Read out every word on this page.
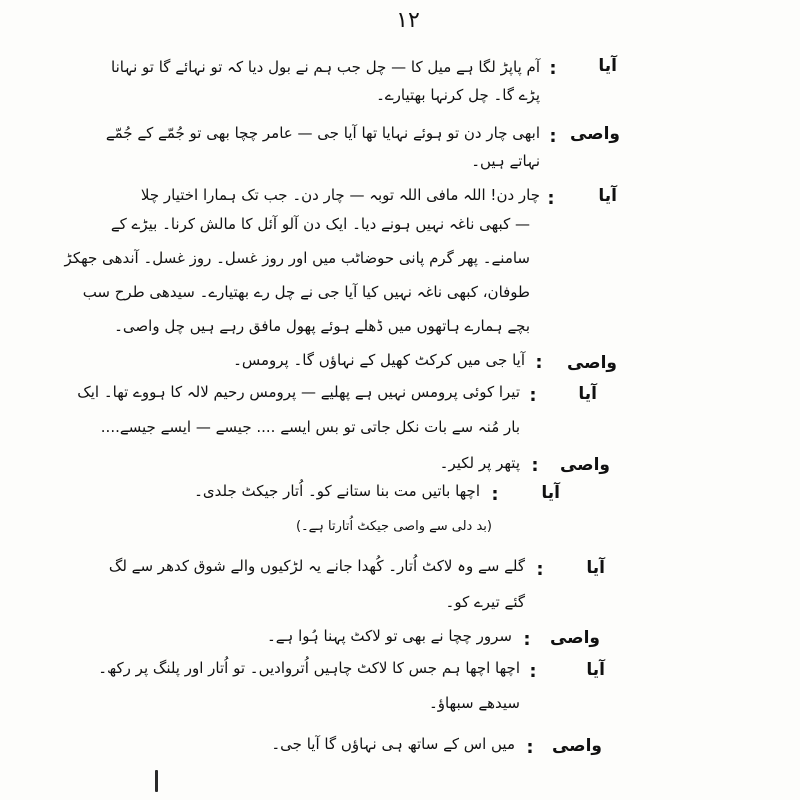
۱۲
آیا
:
آم پاپڑ لگا ہے میل کا — چل جب ہم نے بول دیا کہ تو نہائے گا تو نہانا
پڑے گا۔ چل کرنہا بھتیارے۔
واصی
:
ابھی چار دن تو ہوئے نہایا تھا آیا جی — عامر چچا بھی تو جُمّے کے جُمّے
نہاتے ہیں۔
آیا
:
چار دن! اللہ مافی اللہ توبہ — چار دن۔ جب تک ہمارا اختیار چلا
— کبھی ناغہ نہیں ہونے دیا۔ ایک دن آلو آئل کا مالش کرنا۔ بیڑے کے
سامنے۔ پھر گرم پانی حوضاٹب میں اور روز غسل۔ روز غسل۔ آندھی جھکڑ
طوفان، کبھی ناغہ نہیں کیا آیا جی نے چل رے بھتیارے۔ سیدھی طرح سب
بچے ہمارے ہاتھوں میں ڈھلے ہوئے پھول مافق رہے ہیں چل واصی۔
واصی
:
آیا جی میں کرکٹ کھیل کے نہاؤں گا۔ پرومس۔
آیا
:
تیرا کوئی پرومس نہیں ہے پھلیے — پرومس رحیم لالہ کا ہووے تھا۔ ایک
بار مُنہ سے بات نکل جاتی تو بس ایسے .... جیسے — ایسے جیسے....
واصی
:
پتھر پر لکیر۔
آیا
:
اچھا باتیں مت بنا ستانے کو۔ اُتار جیکٹ جلدی۔
(بد دلی سے واصی جیکٹ اُتارتا ہے۔)
آیا
:
گلے سے وہ لاکٹ اُتار۔ کُھدا جانے یہ لڑکیوں والے شوق کدھر سے لگ
گئے تیرے کو۔
واصی
:
سرور چچا نے بھی تو لاکٹ پہنا ہُوا ہے۔
آیا
:
اچھا اچھا ہم جس کا لاکٹ چاہیں اُتروادیں۔ تو اُتار اور پلنگ پر رکھ۔
سیدھے سبھاؤ۔
واصی
:
میں اس کے ساتھ ہی نہاؤں گا آیا جی۔
